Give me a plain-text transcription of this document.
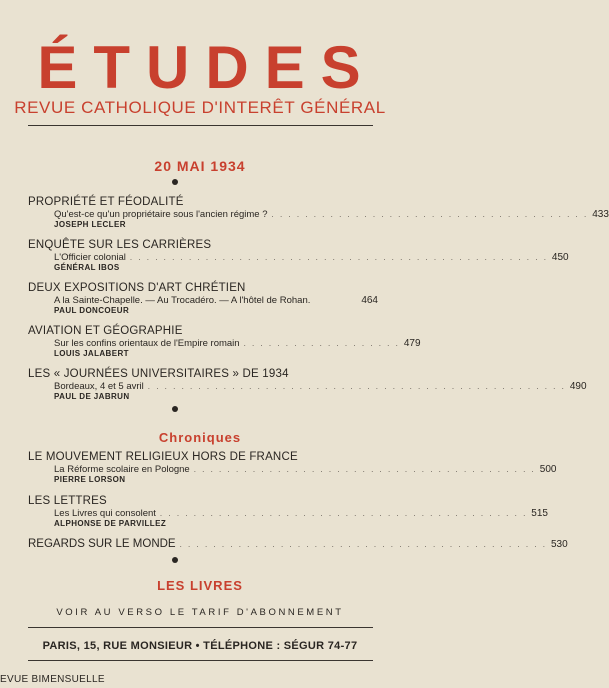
ÉTUDES
REVUE CATHOLIQUE D'INTERÊT GÉNÉRAL
20 MAI 1934
PROPRIÉTÉ ET FÉODALITÉ
Qu'est-ce qu'un propriétaire sous l'ancien régime ? . . . . . . . . . . . . . . . . . . . . . . . . . . . . . . . . . . . . . . 433
JOSEPH LECLER
ENQUÊTE SUR LES CARRIÈRES
L'Officier colonial . . . . . . . . . . . . . . . . . . . . . . . . . . . . . . . . . . . . . . . . . . . . . . . . . . 450
GÉNÉRAL IBOS
DEUX EXPOSITIONS D'ART CHRÉTIEN
A la Sainte-Chapelle. — Au Trocadéro. — A l'hôtel de Rohan.	464
PAUL DONCOEUR
AVIATION ET GÉOGRAPHIE
Sur les confins orientaux de l'Empire romain . . . . . . . . . . . . . . . . . . . 479
LOUIS JALABERT
LES « JOURNÉES UNIVERSITAIRES » DE 1934
Bordeaux, 4 et 5 avril . . . . . . . . . . . . . . . . . . . . . . . . . . . . . . . . . . . . . . . . . . . . . . . . . . 490
PAUL DE JABRUN
Chroniques
LE MOUVEMENT RELIGIEUX HORS DE FRANCE
La Réforme scolaire en Pologne . . . . . . . . . . . . . . . . . . . . . . . . . . . . . . . . . . . . . . . . . 500
PIERRE LORSON
LES LETTRES
Les Livres qui consolent . . . . . . . . . . . . . . . . . . . . . . . . . . . . . . . . . . . . . . . . . . . . 515
ALPHONSE DE PARVILLEZ
REGARDS SUR LE MONDE . . . . . . . . . . . . . . . . . . . . . . . . . . . . . . . . . . . . . . . . . . . . 530
LES LIVRES
VOIR AU VERSO LE TARIF D'ABONNEMENT
PARIS, 15, RUE MONSIEUR • TÉLÉPHONE : SÉGUR 74-77
EVUE BIMENSUELLE
